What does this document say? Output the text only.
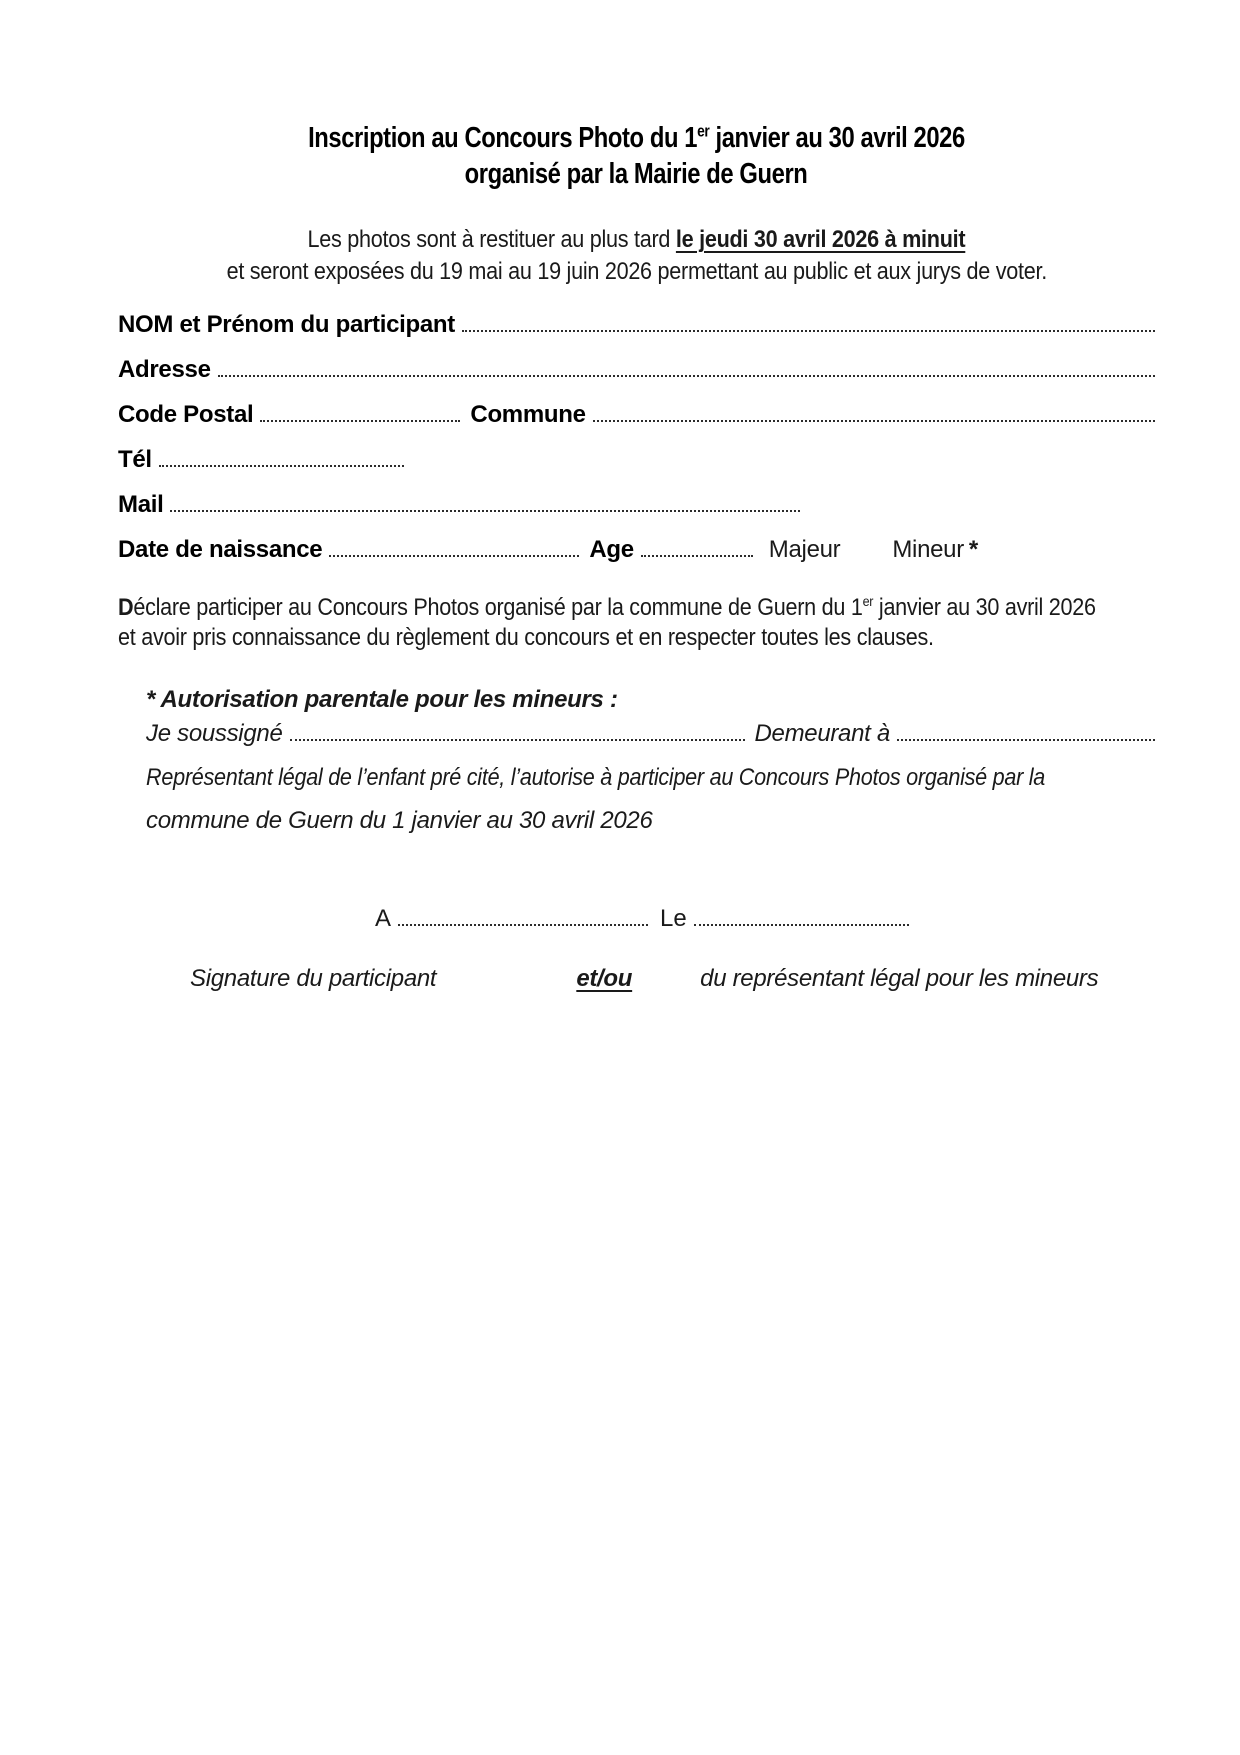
Inscription au Concours Photo du 1er janvier au 30 avril 2026
organisé par la Mairie de Guern
Les photos sont à restituer au plus tard le jeudi 30 avril 2026 à minuit
et seront exposées du 19 mai au 19 juin 2026 permettant au public et aux jurys de voter.
NOM et Prénom du participant
Adresse
Code Postal	Commune
Tél
Mail
Date de naissance	Age	Majeur Mineur *
Déclare participer au Concours Photos organisé par la commune de Guern du 1er janvier au 30 avril 2026
et avoir pris connaissance du règlement du concours et en respecter toutes les clauses.
* Autorisation parentale pour les mineurs :
Je soussigné	Demeurant à
Représentant légal de l’enfant pré cité, l’autorise à participer au Concours Photos organisé par la
commune de Guern du 1 janvier au 30 avril 2026
A	Le
Signature du participant	et/ou	du représentant légal pour les mineurs
